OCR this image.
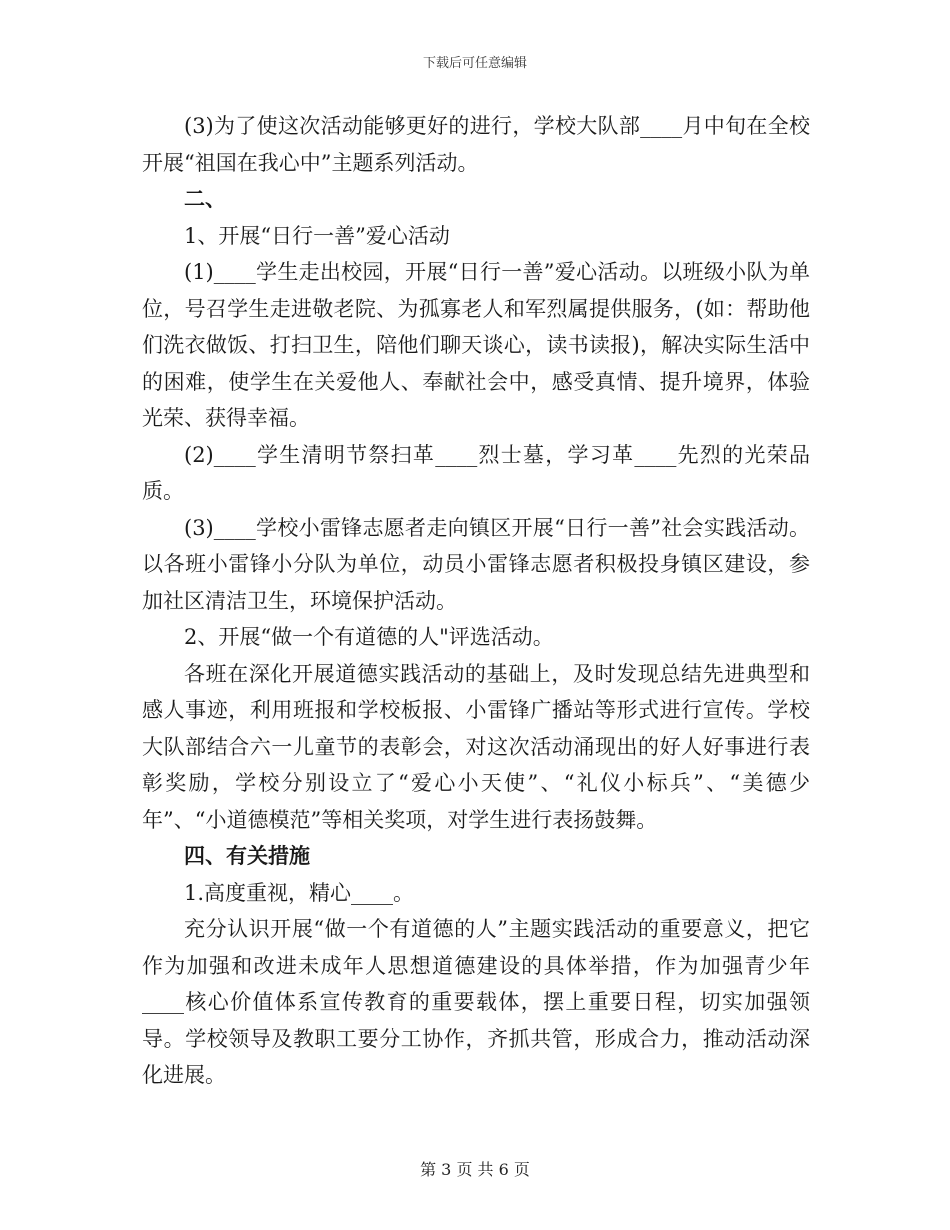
下载后可任意编辑

(3)为了使这次活动能够更好的进行，学校大队部____月中旬在全校开展“祖国在我心中”主题系列活动。

二、

1、开展“日行一善”爱心活动

(1)____学生走出校园，开展“日行一善”爱心活动。以班级小队为单位，号召学生走进敬老院、为孤寡老人和军烈属提供服务，(如：帮助他们洗衣做饭、打扫卫生，陪他们聊天谈心，读书读报)，解决实际生活中的困难，使学生在关爱他人、奉献社会中，感受真情、提升境界，体验光荣、获得幸福。

(2)____学生清明节祭扫革____烈士墓，学习革____先烈的光荣品质。

(3)____学校小雷锋志愿者走向镇区开展“日行一善”社会实践活动。以各班小雷锋小分队为单位，动员小雷锋志愿者积极投身镇区建设，参加社区清洁卫生，环境保护活动。

2、开展“做一个有道德的人"评选活动。

各班在深化开展道德实践活动的基础上，及时发现总结先进典型和感人事迹，利用班报和学校板报、小雷锋广播站等形式进行宣传。学校大队部结合六一儿童节的表彰会，对这次活动涌现出的好人好事进行表彰奖励，学校分别设立了“爱心小天使”、“礼仪小标兵”、“美德少年”、“小道德模范”等相关奖项，对学生进行表扬鼓舞。

四、有关措施

1.高度重视，精心____。

充分认识开展“做一个有道德的人”主题实践活动的重要意义，把它作为加强和改进未成年人思想道德建设的具体举措，作为加强青少年____核心价值体系宣传教育的重要载体，摆上重要日程，切实加强领导。学校领导及教职工要分工协作，齐抓共管，形成合力，推动活动深化进展。

第 3 页 共 6 页
